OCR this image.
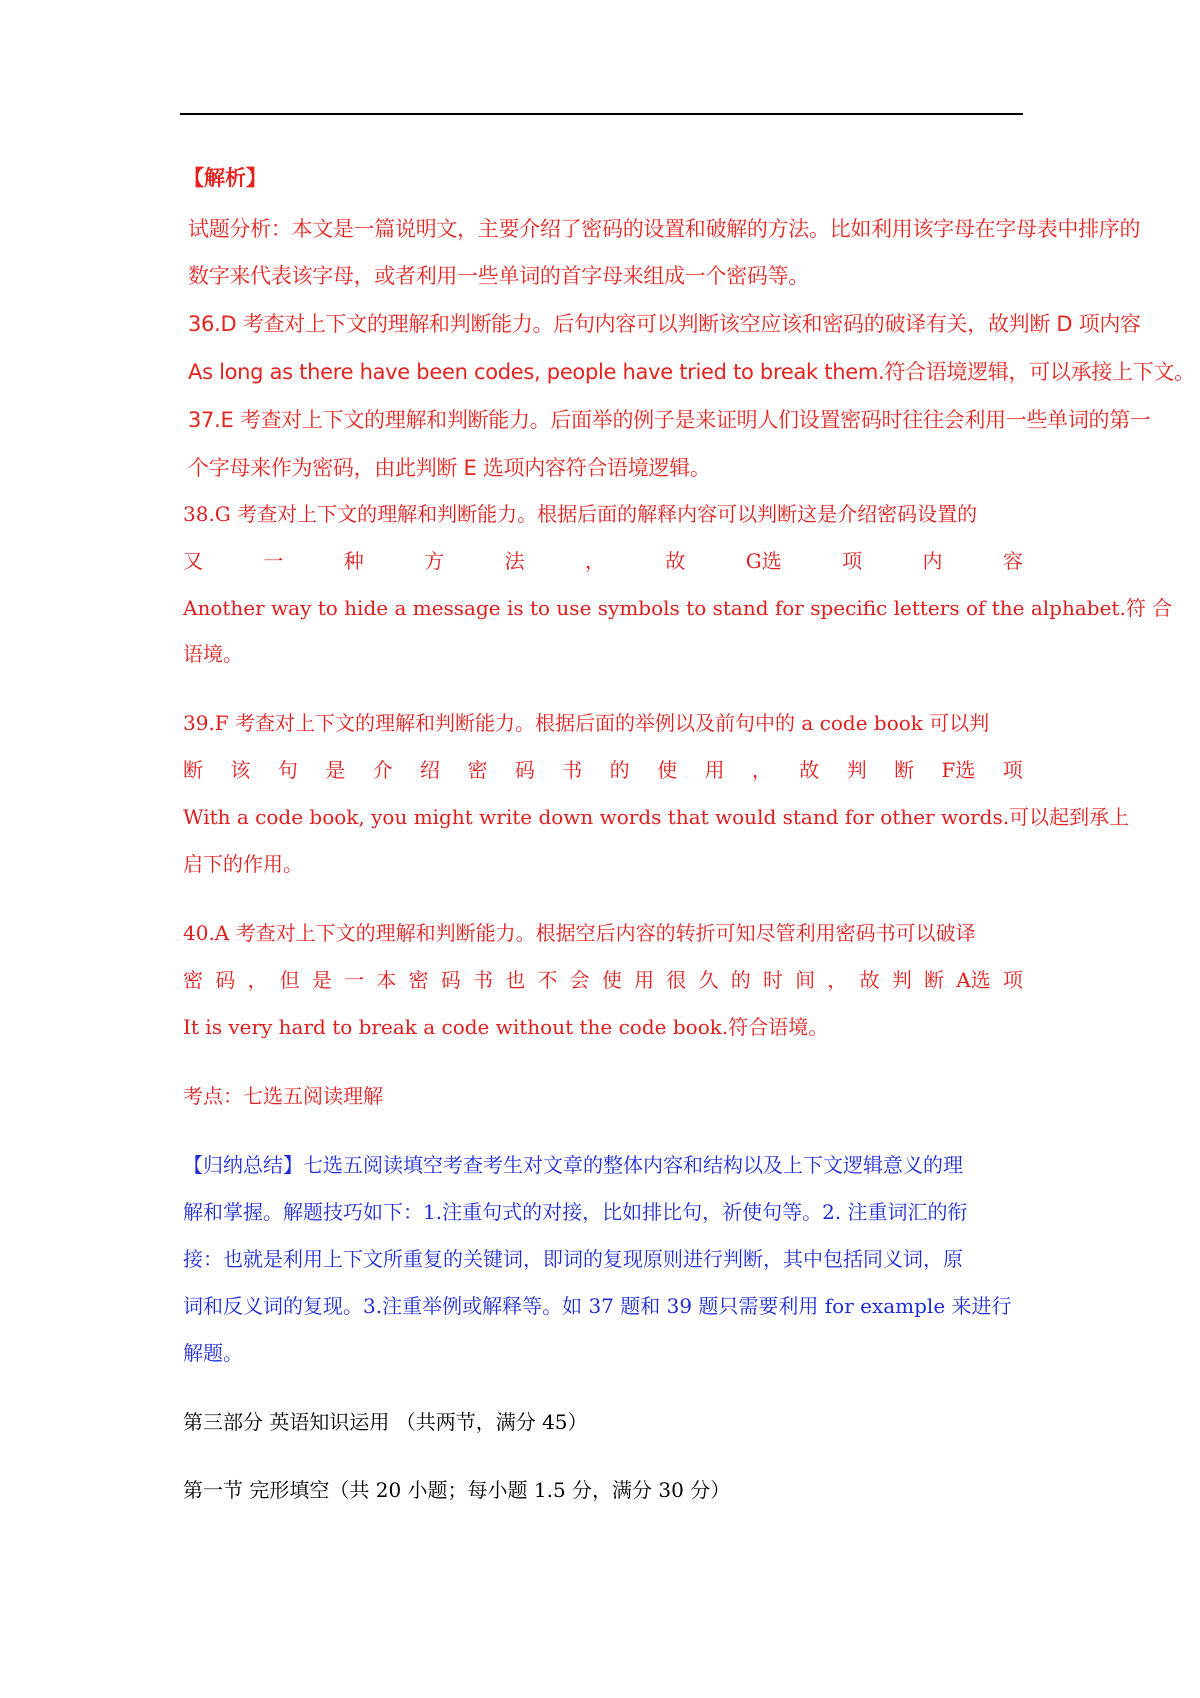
【解析】
试题分析：本文是一篇说明文，主要介绍了密码的设置和破解的方法。比如利用该字母在字母表中排序的
数字来代表该字母，或者利用一些单词的首字母来组成一个密码等。
36.D 考查对上下文的理解和判断能力。后句内容可以判断该空应该和密码的破译有关，故判断 D 项内容
As long as there have been codes, people have tried to break them.符合语境逻辑，可以承接上下文。
37.E 考查对上下文的理解和判断能力。后面举的例子是来证明人们设置密码时往往会利用一些单词的第一
个字母来作为密码，由此判断 E 选项内容符合语境逻辑。
38.G 考查对上下文的理解和判断能力。根据后面的解释内容可以判断这是介绍密码设置的
又	一	种	方	法	，	故	G选	项	内	容
Another way to hide a message is to use symbols to stand for specific letters of the alphabet.符 合
语境。
39.F 考查对上下文的理解和判断能力。根据后面的举例以及前句中的 a code book 可以判
断 该 句 是 介 绍 密 码 书 的 使 用 ， 故 判 断 F选 项
With a code book, you might write down words that would stand for other words.可以起到承上
启下的作用。
40.A 考查对上下文的理解和判断能力。根据空后内容的转折可知尽管利用密码书可以破译
密 码 ， 但 是 一 本 密 码 书 也 不 会 使 用 很 久 的 时 间 ， 故 判 断 A选 项
It is very hard to break a code without the code book.符合语境。
考点：七选五阅读理解
【归纳总结】七选五阅读填空考查考生对文章的整体内容和结构以及上下文逻辑意义的理
解和掌握。解题技巧如下：1.注重句式的对接，比如排比句，祈使句等。2. 注重词汇的衔
接：也就是利用上下文所重复的关键词，即词的复现原则进行判断，其中包括同义词，原
词和反义词的复现。3.注重举例或解释等。如 37 题和 39 题只需要利用 for example 来进行
解题。
第三部分 英语知识运用 （共两节，满分 45）
第一节 完形填空（共 20 小题；每小题 1.5 分，满分 30 分）
